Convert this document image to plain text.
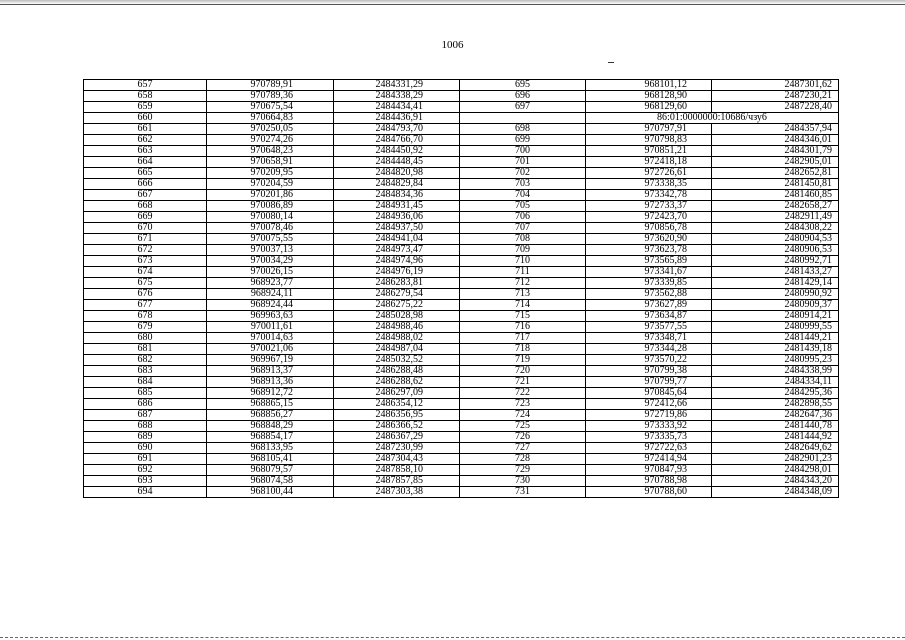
1006
657	970789,91	2484331,29	695	968101,12	2487301,62
658	970789,36	2484338,29	696	968128,90	2487230,21
659	970675,54	2484434,41	697	968129,60	2487228,40
660	970664,83	2484436,91		86:01:0000000:10686/чзу6	
661	970250,05	2484793,70	698	970797,91	2484357,94
662	970274,26	2484766,70	699	970798,83	2484346,01
663	970648,23	2484450,92	700	970851,21	2484301,79
664	970658,91	2484448,45	701	972418,18	2482905,01
665	970209,95	2484820,98	702	972726,61	2482652,81
666	970204,59	2484829,84	703	973338,35	2481450,81
667	970201,86	2484834,36	704	973342,78	2481460,85
668	970086,89	2484931,45	705	972733,37	2482658,27
669	970080,14	2484936,06	706	972423,70	2482911,49
670	970078,46	2484937,50	707	970856,78	2484308,22
671	970075,55	2484941,04	708	973620,90	2480904,53
672	970037,13	2484973,47	709	973623,78	2480906,53
673	970034,29	2484974,96	710	973565,89	2480992,71
674	970026,15	2484976,19	711	973341,67	2481433,27
675	968923,77	2486283,81	712	973339,85	2481429,14
676	968924,11	2486279,54	713	973562,88	2480990,92
677	968924,44	2486275,22	714	973627,89	2480909,37
678	969963,63	2485028,98	715	973634,87	2480914,21
679	970011,61	2484988,46	716	973577,55	2480999,55
680	970014,63	2484988,02	717	973348,71	2481449,21
681	970021,06	2484987,04	718	973344,28	2481439,18
682	969967,19	2485032,52	719	973570,22	2480995,23
683	968913,37	2486288,48	720	970799,38	2484338,99
684	968913,36	2486288,62	721	970799,77	2484334,11
685	968912,72	2486297,09	722	970845,64	2484295,36
686	968865,15	2486354,12	723	972412,66	2482898,55
687	968856,27	2486356,95	724	972719,86	2482647,36
688	968848,29	2486366,52	725	973333,92	2481440,78
689	968854,17	2486367,29	726	973335,73	2481444,92
690	968133,95	2487230,99	727	972722,63	2482649,62
691	968105,41	2487304,43	728	972414,94	2482901,23
692	968079,57	2487858,10	729	970847,93	2484298,01
693	968074,58	2487857,85	730	970788,98	2484343,20
694	968100,44	2487303,38	731	970788,60	2484348,09
